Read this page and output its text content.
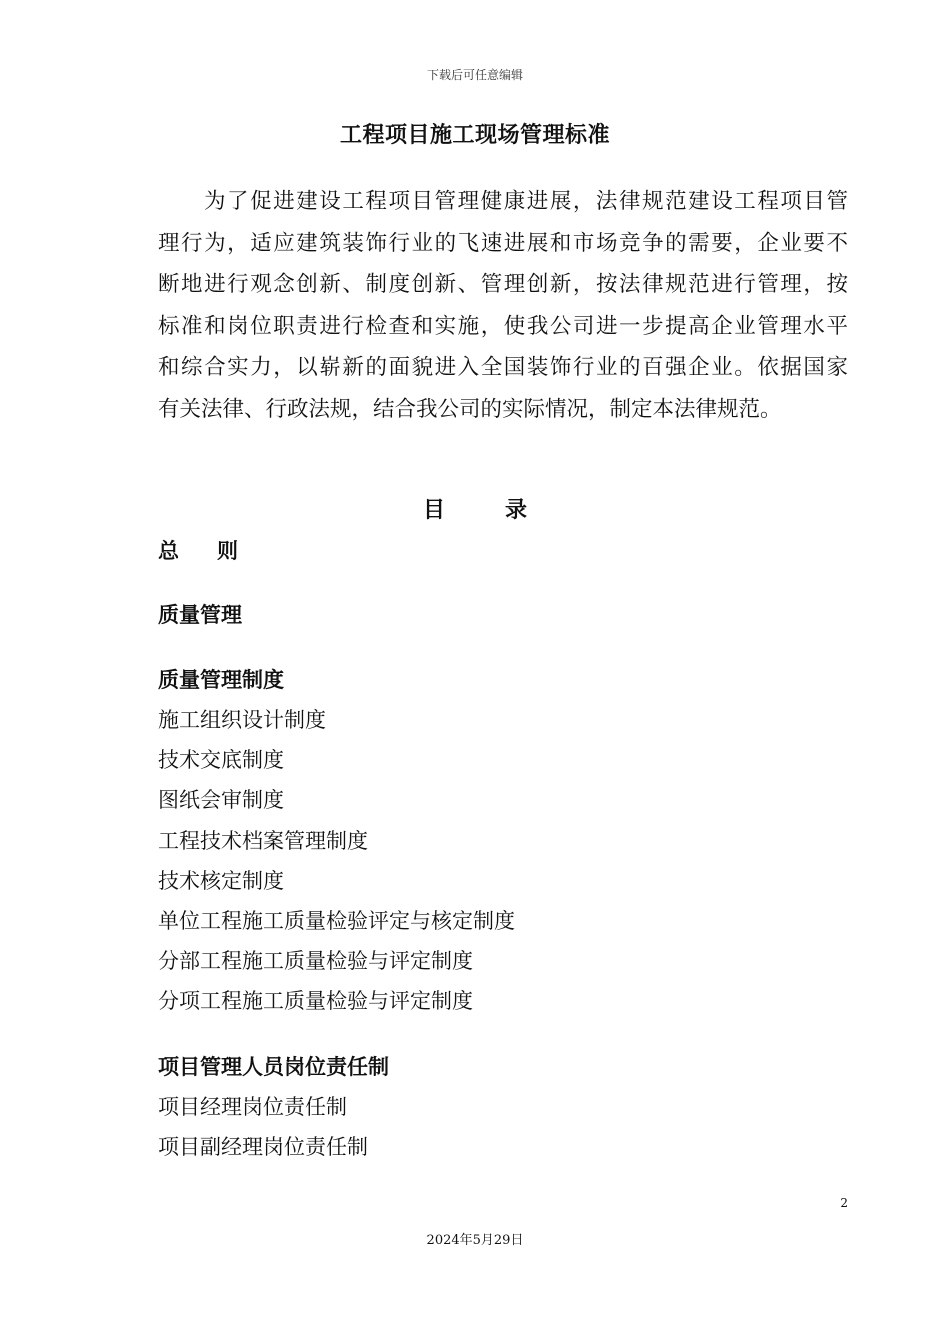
下载后可任意编辑
工程项目施工现场管理标准
为了促进建设工程项目管理健康进展，法律规范建设工程项目管
理行为，适应建筑装饰行业的飞速进展和市场竞争的需要，企业要不
断地进行观念创新、制度创新、管理创新，按法律规范进行管理，按
标准和岗位职责进行检查和实施，使我公司进一步提高企业管理水平
和综合实力，以崭新的面貌进入全国装饰行业的百强企业。依据国家
有关法律、行政法规，结合我公司的实际情况，制定本法律规范。
目	录
总则
质量管理
质量管理制度
施工组织设计制度
技术交底制度
图纸会审制度
工程技术档案管理制度
技术核定制度
单位工程施工质量检验评定与核定制度
分部工程施工质量检验与评定制度
分项工程施工质量检验与评定制度
项目管理人员岗位责任制
项目经理岗位责任制
项目副经理岗位责任制
2
2024年5月29日
